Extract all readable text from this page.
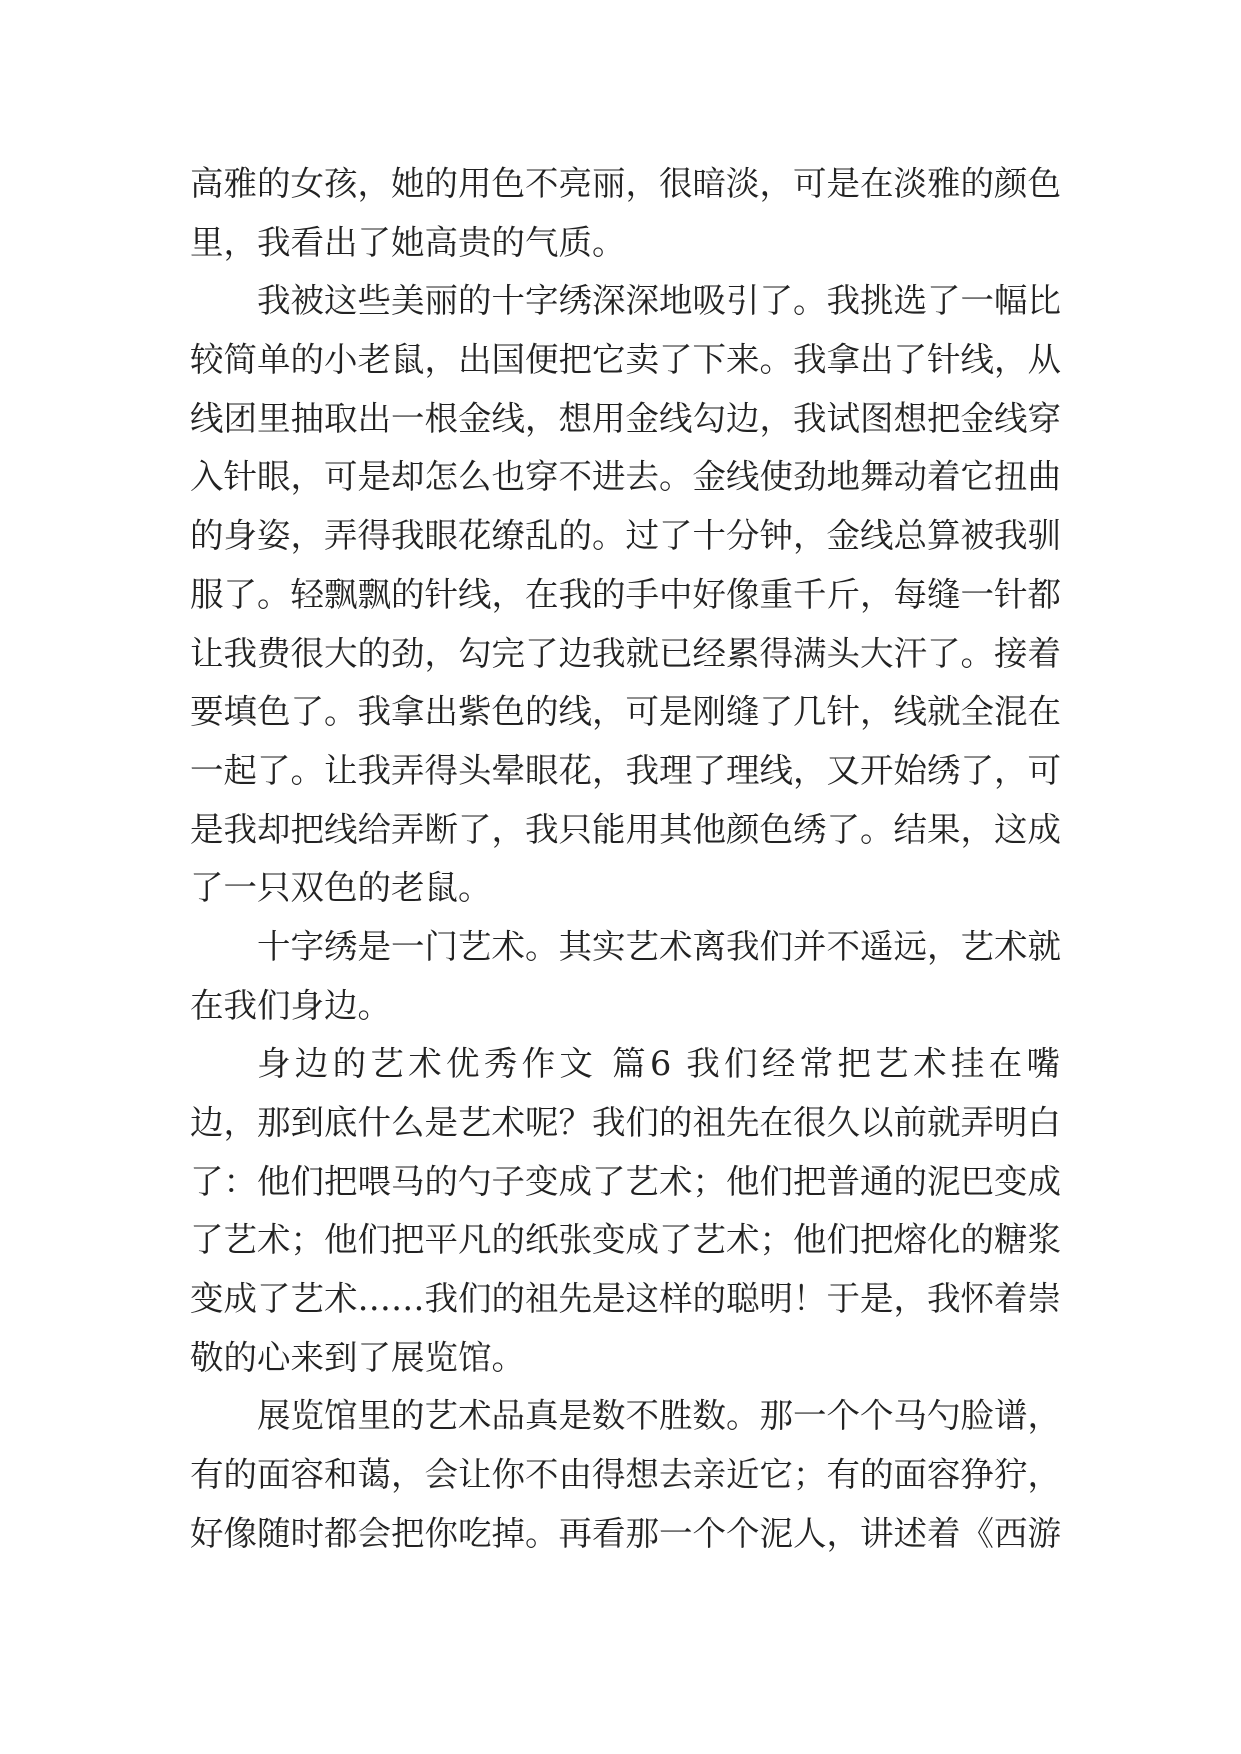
高雅的女孩，她的用色不亮丽，很暗淡，可是在淡雅的颜色
里，我看出了她高贵的气质。
我被这些美丽的十字绣深深地吸引了。我挑选了一幅比
较简单的小老鼠，出国便把它卖了下来。我拿出了针线，从
线团里抽取出一根金线，想用金线勾边，我试图想把金线穿
入针眼，可是却怎么也穿不进去。金线使劲地舞动着它扭曲
的身姿，弄得我眼花缭乱的。过了十分钟，金线总算被我驯
服了。轻飘飘的针线，在我的手中好像重千斤，每缝一针都
让我费很大的劲，勾完了边我就已经累得满头大汗了。接着
要填色了。我拿出紫色的线，可是刚缝了几针，线就全混在
一起了。让我弄得头晕眼花，我理了理线，又开始绣了，可
是我却把线给弄断了，我只能用其他颜色绣了。结果，这成
了一只双色的老鼠。
十字绣是一门艺术。其实艺术离我们并不遥远，艺术就
在我们身边。
身边的艺术优秀作文 篇6 我们经常把艺术挂在嘴
边，那到底什么是艺术呢？我们的祖先在很久以前就弄明白
了：他们把喂马的勺子变成了艺术；他们把普通的泥巴变成
了艺术；他们把平凡的纸张变成了艺术；他们把熔化的糖浆
变成了艺术……我们的祖先是这样的聪明！于是，我怀着崇
敬的心来到了展览馆。
展览馆里的艺术品真是数不胜数。那一个个马勺脸谱，
有的面容和蔼，会让你不由得想去亲近它；有的面容狰狞，
好像随时都会把你吃掉。再看那一个个泥人，讲述着《西游
